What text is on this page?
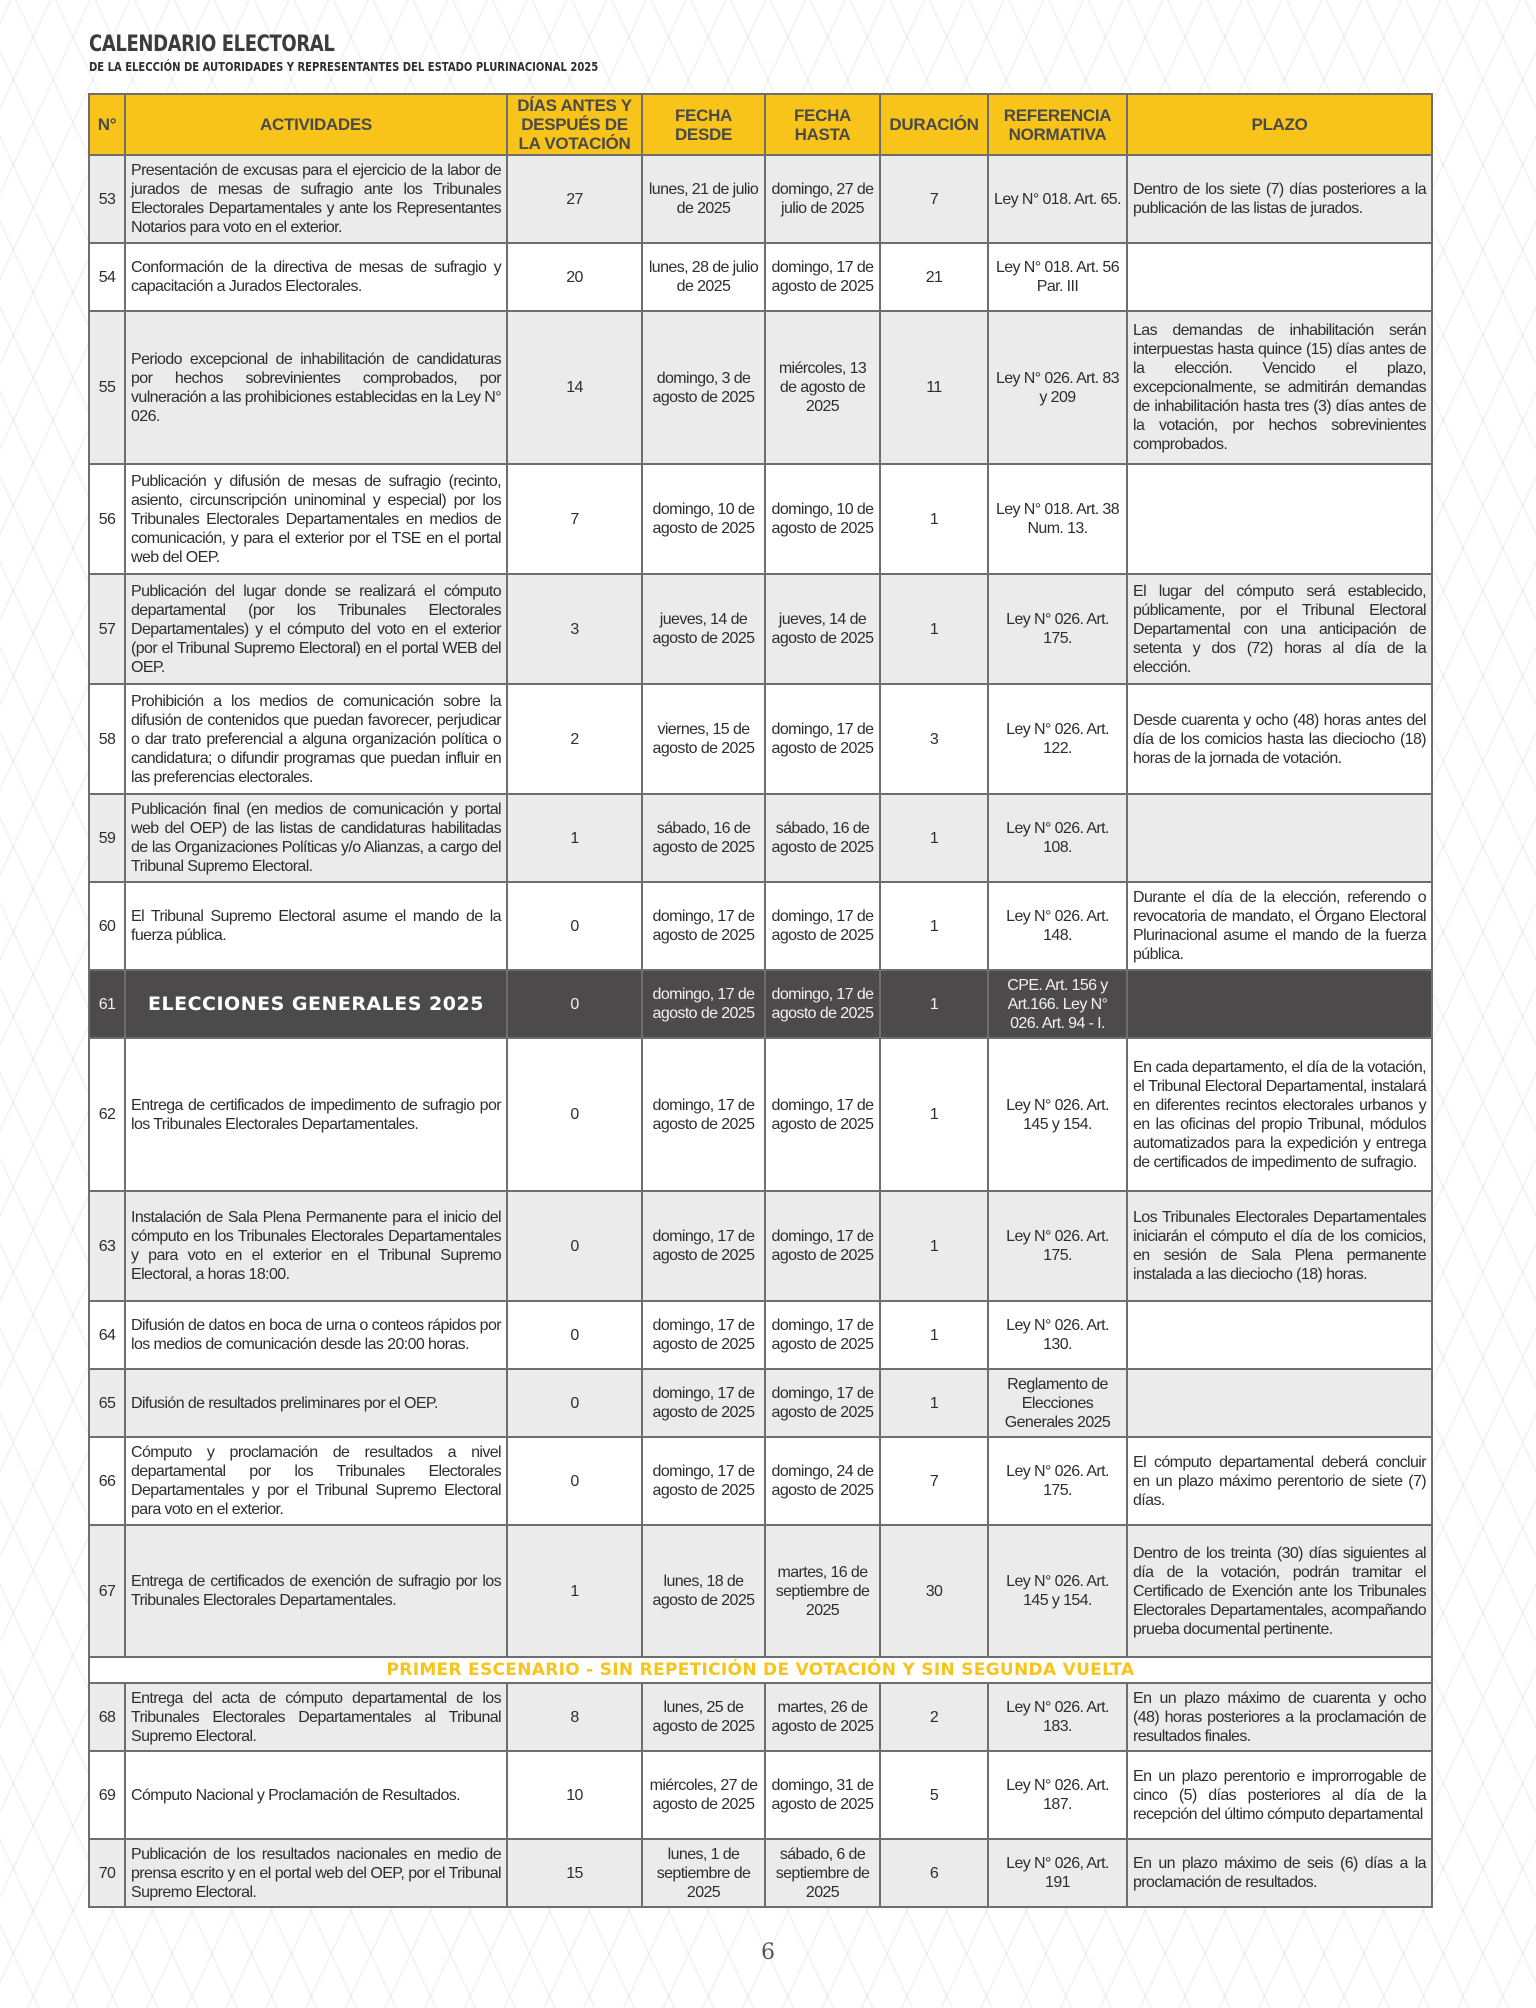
CALENDARIO ELECTORAL
DE LA ELECCIÓN DE AUTORIDADES Y REPRESENTANTES DEL ESTADO PLURINACIONAL 2025
N°	ACTIVIDADES	DÍAS ANTES Y DESPUÉS DE LA VOTACIÓN	FECHA DESDE	FECHA HASTA	DURACIÓN	REFERENCIA NORMATIVA	PLAZO
53	Presentación de excusas para el ejercicio de la labor de jurados de mesas de sufragio ante los Tribunales Electorales Departamentales y ante los Representantes Notarios para voto en el exterior.	27	lunes, 21 de julio de 2025	domingo, 27 de julio de 2025	7	Ley N° 018. Art. 65.	Dentro de los siete (7) días posteriores a la publicación de las listas de jurados.
54	Conformación de la directiva de mesas de sufragio y capacitación a Jurados Electorales.	20	lunes, 28 de julio de 2025	domingo, 17 de agosto de 2025	21	Ley N° 018. Art. 56 Par. III	
55	Periodo excepcional de inhabilitación de candidaturas por hechos sobrevinientes comprobados, por vulneración a las prohibiciones establecidas en la Ley N° 026.	14	domingo, 3 de agosto de 2025	miércoles, 13 de agosto de 2025	11	Ley N° 026. Art. 83 y 209	Las demandas de inhabilitación serán interpuestas hasta quince (15) días antes de la elección. Vencido el plazo, excepcionalmente, se admitirán demandas de inhabilitación hasta tres (3) días antes de la votación, por hechos sobrevinientes comprobados.
56	Publicación y difusión de mesas de sufragio (recinto, asiento, circunscripción uninominal y especial) por los Tribunales Electorales Departamentales en medios de comunicación, y para el exterior por el TSE en el portal web del OEP.	7	domingo, 10 de agosto de 2025	domingo, 10 de agosto de 2025	1	Ley N° 018. Art. 38 Num. 13.	
57	Publicación del lugar donde se realizará el cómputo departamental (por los Tribunales Electorales Departamentales) y el cómputo del voto en el exterior (por el Tribunal Supremo Electoral) en el portal WEB del OEP.	3	jueves, 14 de agosto de 2025	jueves, 14 de agosto de 2025	1	Ley N° 026. Art. 175.	El lugar del cómputo será establecido, públicamente, por el Tribunal Electoral Departamental con una anticipación de setenta y dos (72) horas al día de la elección.
58	Prohibición a los medios de comunicación sobre la difusión de contenidos que puedan favorecer, perjudicar o dar trato preferencial a alguna organización política o candidatura; o difundir programas que puedan influir en las preferencias electorales.	2	viernes, 15 de agosto de 2025	domingo, 17 de agosto de 2025	3	Ley N° 026. Art. 122.	Desde cuarenta y ocho (48) horas antes del día de los comicios hasta las dieciocho (18) horas de la jornada de votación.
59	Publicación final (en medios de comunicación y portal web del OEP) de las listas de candidaturas habilitadas de las Organizaciones Políticas y/o Alianzas, a cargo del Tribunal Supremo Electoral.	1	sábado, 16 de agosto de 2025	sábado, 16 de agosto de 2025	1	Ley N° 026. Art. 108.	
60	El Tribunal Supremo Electoral asume el mando de la fuerza pública.	0	domingo, 17 de agosto de 2025	domingo, 17 de agosto de 2025	1	Ley N° 026. Art. 148.	Durante el día de la elección, referendo o revocatoria de mandato, el Órgano Electoral Plurinacional asume el mando de la fuerza pública.
61	ELECCIONES GENERALES 2025	0	domingo, 17 de agosto de 2025	domingo, 17 de agosto de 2025	1	CPE. Art. 156 y Art.166. Ley N° 026. Art. 94 - I.	
62	Entrega de certificados de impedimento de sufragio por los Tribunales Electorales Departamentales.	0	domingo, 17 de agosto de 2025	domingo, 17 de agosto de 2025	1	Ley N° 026. Art. 145 y 154.	En cada departamento, el día de la votación, el Tribunal Electoral Departamental, instalará en diferentes recintos electorales urbanos y en las oficinas del propio Tribunal, módulos automatizados para la expedición y entrega de certificados de impedimento de sufragio.
63	Instalación de Sala Plena Permanente para el inicio del cómputo en los Tribunales Electorales Departamentales y para voto en el exterior en el Tribunal Supremo Electoral, a horas 18:00.	0	domingo, 17 de agosto de 2025	domingo, 17 de agosto de 2025	1	Ley N° 026. Art. 175.	Los Tribunales Electorales Departamentales iniciarán el cómputo el día de los comicios, en sesión de Sala Plena permanente instalada a las dieciocho (18) horas.
64	Difusión de datos en boca de urna o conteos rápidos por los medios de comunicación desde las 20:00 horas.	0	domingo, 17 de agosto de 2025	domingo, 17 de agosto de 2025	1	Ley N° 026. Art. 130.	
65	Difusión de resultados preliminares por el OEP.	0	domingo, 17 de agosto de 2025	domingo, 17 de agosto de 2025	1	Reglamento de Elecciones Generales 2025	
66	Cómputo y proclamación de resultados a nivel departamental por los Tribunales Electorales Departamentales y por el Tribunal Supremo Electoral para voto en el exterior.	0	domingo, 17 de agosto de 2025	domingo, 24 de agosto de 2025	7	Ley N° 026. Art. 175.	El cómputo departamental deberá concluir en un plazo máximo perentorio de siete (7) días.
67	Entrega de certificados de exención de sufragio por los Tribunales Electorales Departamentales.	1	lunes, 18 de agosto de 2025	martes, 16 de septiembre de 2025	30	Ley N° 026. Art. 145 y 154.	Dentro de los treinta (30) días siguientes al día de la votación, podrán tramitar el Certificado de Exención ante los Tribunales Electorales Departamentales, acompañando prueba documental pertinente.
PRIMER ESCENARIO - SIN REPETICIÓN DE VOTACIÓN Y SIN SEGUNDA VUELTA							
68	Entrega del acta de cómputo departamental de los Tribunales Electorales Departamentales al Tribunal Supremo Electoral.	8	lunes, 25 de agosto de 2025	martes, 26 de agosto de 2025	2	Ley N° 026. Art. 183.	En un plazo máximo de cuarenta y ocho (48) horas posteriores a la proclamación de resultados finales.
69	Cómputo Nacional y Proclamación de Resultados.	10	miércoles, 27 de agosto de 2025	domingo, 31 de agosto de 2025	5	Ley N° 026. Art. 187.	En un plazo perentorio e improrrogable de cinco (5) días posteriores al día de la recepción del último cómputo departamental
70	Publicación de los resultados nacionales en medio de prensa escrito y en el portal web del OEP, por el Tribunal Supremo Electoral.	15	lunes, 1 de septiembre de 2025	sábado, 6 de septiembre de 2025	6	Ley N° 026, Art. 191	En un plazo máximo de seis (6) días a la proclamación de resultados.
6
